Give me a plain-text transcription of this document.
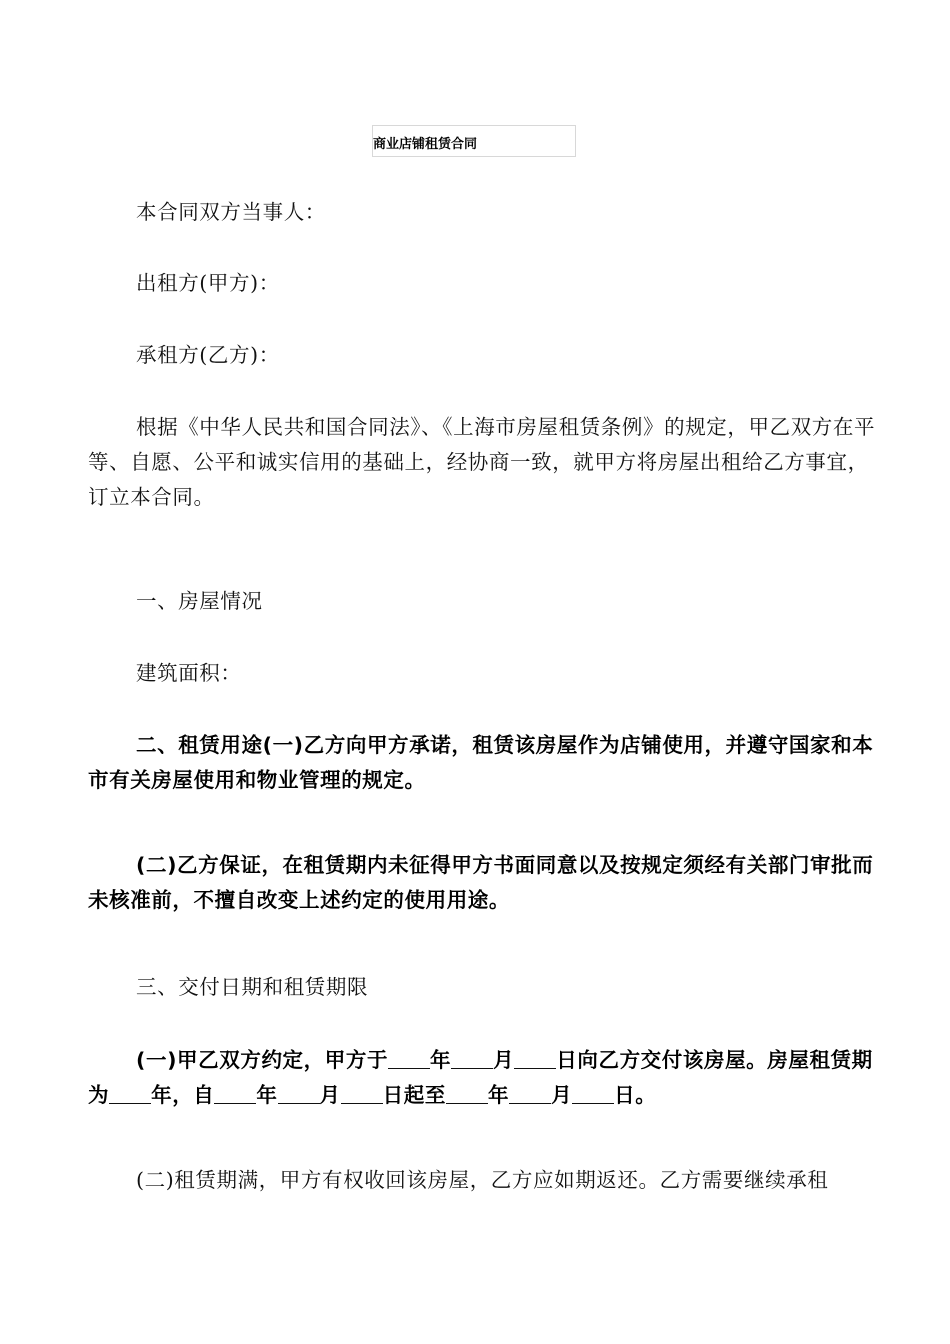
商业店铺租赁合同

本合同双方当事人：

出租方(甲方)：

承租方(乙方)：

根据《中华人民共和国合同法》、《上海市房屋租赁条例》的规定，甲乙双方在平等、自愿、公平和诚实信用的基础上，经协商一致，就甲方将房屋出租给乙方事宜，订立本合同。

一、房屋情况

建筑面积：

二、租赁用途(一)乙方向甲方承诺，租赁该房屋作为店铺使用，并遵守国家和本市有关房屋使用和物业管理的规定。

(二)乙方保证，在租赁期内未征得甲方书面同意以及按规定须经有关部门审批而未核准前，不擅自改变上述约定的使用用途。

三、交付日期和租赁期限

(一)甲乙双方约定，甲方于 年 月 日向乙方交付该房屋。房屋租赁期为 年，自 年 月 日起至 年 月 日。

(二)租赁期满，甲方有权收回该房屋，乙方应如期返还。乙方需要继续承租
